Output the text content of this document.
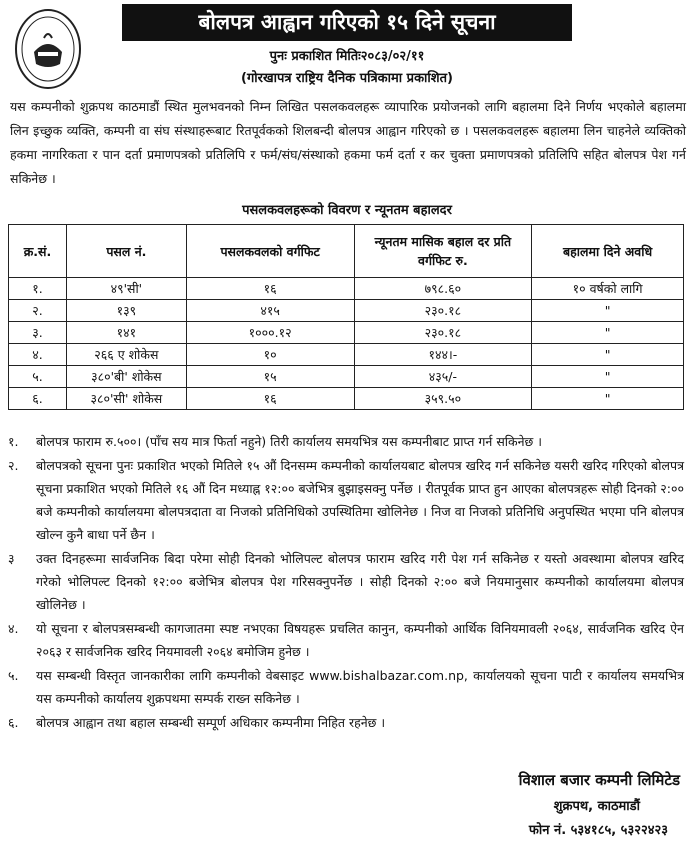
बोलपत्र आह्वान गरिएको १५ दिने सूचना
पुनः प्रकाशित मितिः२०८३/०२/११
(गोरखापत्र राष्ट्रिय दैनिक पत्रिकामा प्रकाशित)
यस कम्पनीको शुक्रपथ काठमाडौं स्थित मुलभवनको निम्न लिखित पसलकवलहरू व्यापारिक प्रयोजनको लागि बहालमा दिने निर्णय भएकोले बहालमा लिन इच्छुक व्यक्ति, कम्पनी वा संघ संस्थाहरूबाट रितपूर्वकको शिलबन्दी बोलपत्र आह्वान गरिएको छ । पसलकवलहरू बहालमा लिन चाहनेले व्यक्तिको हकमा नागरिकता र पान दर्ता प्रमाणपत्रको प्रतिलिपि र फर्म/संघ/संस्थाको हकमा फर्म दर्ता र कर चुक्ता प्रमाणपत्रको प्रतिलिपि सहित बोलपत्र पेश गर्न सकिनेछ ।
पसलकवलहरूको विवरण र न्यूनतम बहालदर
क्र.सं.	पसल नं.	पसलकवलको वर्गफिट	न्यूनतम मासिक बहाल दर प्रति वर्गफिट रु.	बहालमा दिने अवधि
१.	४९'सी'	१६	७९८.६०	१० वर्षको लागि
२.	१३९	४१५	२३०.१८	"
३.	१४१	१०००.१२	२३०.१८	"
४.	२६६ ए शोकेस	१०	१४४।-	"
५.	३८०'बी' शोकेस	१५	४३५/-	"
६.	३८०'सी' शोकेस	१६	३५९.५०	"
१.	बोलपत्र फाराम रु.५००। (पाँच सय मात्र फिर्ता नहुने) तिरी कार्यालय समयभित्र यस कम्पनीबाट प्राप्त गर्न सकिनेछ ।
२.	बोलपत्रको सूचना पुनः प्रकाशित भएको मितिले १५ औं दिनसम्म कम्पनीको कार्यालयबाट बोलपत्र खरिद गर्न सकिनेछ यसरी खरिद गरिएको बोलपत्र सूचना प्रकाशित भएको मितिले १६ औं दिन मध्याह्न १२:०० बजेभित्र बुझाइसक्नु पर्नेछ । रीतपूर्वक प्राप्त हुन आएका बोलपत्रहरू सोही दिनको २:०० बजे कम्पनीको कार्यालयमा बोलपत्रदाता वा निजको प्रतिनिधिको उपस्थितिमा खोलिनेछ । निज वा निजको प्रतिनिधि अनुपस्थित भएमा पनि बोलपत्र खोल्न कुनै बाधा पर्ने छैन ।
३	उक्त दिनहरूमा सार्वजनिक बिदा परेमा सोही दिनको भोलिपल्ट बोलपत्र फाराम खरिद गरी पेश गर्न सकिनेछ र यस्तो अवस्थामा बोलपत्र खरिद गरेको भोलिपल्ट दिनको १२:०० बजेभित्र बोलपत्र पेश गरिसक्नुपर्नेछ । सोही दिनको २:०० बजे नियमानुसार कम्पनीको कार्यालयमा बोलपत्र खोलिनेछ ।
४.	यो सूचना र बोलपत्रसम्बन्धी कागजातमा स्पष्ट नभएका विषयहरू प्रचलित कानुन, कम्पनीको आर्थिक विनियमावली २०६४, सार्वजनिक खरिद ऐन २०६३ र सार्वजनिक खरिद नियमावली २०६४ बमोजिम हुनेछ ।
५.	यस सम्बन्धी विस्तृत जानकारीका लागि कम्पनीको वेबसाइट www.bishalbazar.com.np, कार्यालयको सूचना पाटी र कार्यालय समयभित्र यस कम्पनीको कार्यालय शुक्रपथमा सम्पर्क राख्न सकिनेछ ।
६.	बोलपत्र आह्वान तथा बहाल सम्बन्धी सम्पूर्ण अधिकार कम्पनीमा निहित रहनेछ ।
विशाल बजार कम्पनी लिमिटेड
शुक्रपथ, काठमाडौं
फोन नं. ५३४१८५, ५३२२४२३
